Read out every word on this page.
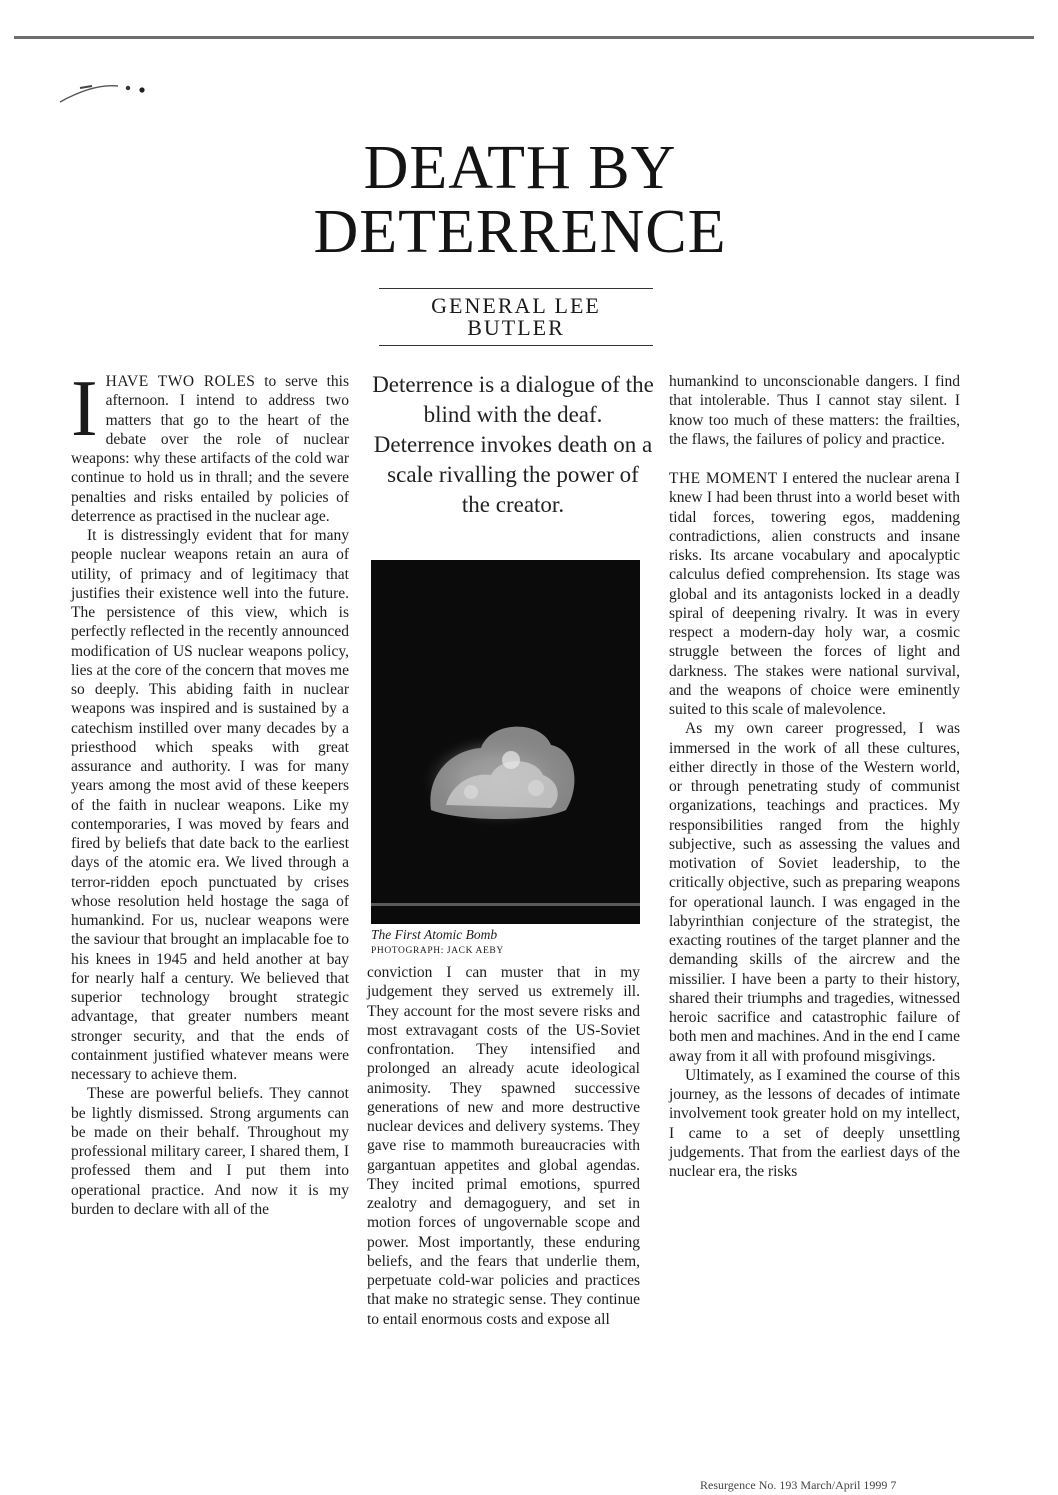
DEATH BY
DETERRENCE
GENERAL LEE
BUTLER

IHAVE TWO ROLES to serve this afternoon. I intend to address two matters that go to the heart of the debate over the role of nuclear weapons: why these artifacts of the cold war continue to hold us in thrall; and the severe penalties and risks entailed by policies of deterrence as practised in the nuclear age.

It is distressingly evident that for many people nuclear weapons retain an aura of utility, of primacy and of legitimacy that justifies their existence well into the future. The persistence of this view, which is perfectly reflected in the recently announced modification of US nuclear weapons policy, lies at the core of the concern that moves me so deeply. This abiding faith in nuclear weapons was inspired and is sustained by a catechism instilled over many decades by a priesthood which speaks with great assurance and authority. I was for many years among the most avid of these keepers of the faith in nuclear weapons. Like my contemporaries, I was moved by fears and fired by beliefs that date back to the earliest days of the atomic era. We lived through a terror-ridden epoch punctuated by crises whose resolution held hostage the saga of humankind. For us, nuclear weapons were the saviour that brought an implacable foe to his knees in 1945 and held another at bay for nearly half a century. We believed that superior technology brought strategic advantage, that greater numbers meant stronger security, and that the ends of containment justified whatever means were necessary to achieve them.

These are powerful beliefs. They cannot be lightly dismissed. Strong arguments can be made on their behalf. Throughout my professional military career, I shared them, I professed them and I put them into operational practice. And now it is my burden to declare with all of the

Deterrence is a dialogue of the blind with the deaf. Deterrence invokes death on a scale rivalling the power of the creator.
The First Atomic Bomb
PHOTOGRAPH: JACK AEBY

conviction I can muster that in my judgement they served us extremely ill. They account for the most severe risks and most extravagant costs of the US-Soviet confrontation. They intensified and prolonged an already acute ideological animosity. They spawned successive generations of new and more destructive nuclear devices and delivery systems. They gave rise to mammoth bureaucracies with gargantuan appetites and global agendas. They incited primal emotions, spurred zealotry and demagoguery, and set in motion forces of ungovernable scope and power. Most importantly, these enduring beliefs, and the fears that underlie them, perpetuate cold-war policies and practices that make no strategic sense. They continue to entail enormous costs and expose all

humankind to unconscionable dangers. I find that intolerable. Thus I cannot stay silent. I know too much of these matters: the frailties, the flaws, the failures of policy and practice.

THE MOMENT I entered the nuclear arena I knew I had been thrust into a world beset with tidal forces, towering egos, maddening contradictions, alien constructs and insane risks. Its arcane vocabulary and apocalyptic calculus defied comprehension. Its stage was global and its antagonists locked in a deadly spiral of deepening rivalry. It was in every respect a modern-day holy war, a cosmic struggle between the forces of light and darkness. The stakes were national survival, and the weapons of choice were eminently suited to this scale of malevolence.

As my own career progressed, I was immersed in the work of all these cultures, either directly in those of the Western world, or through penetrating study of communist organizations, teachings and practices. My responsibilities ranged from the highly subjective, such as assessing the values and motivation of Soviet leadership, to the critically objective, such as preparing weapons for operational launch. I was engaged in the labyrinthian conjecture of the strategist, the exacting routines of the target planner and the demanding skills of the aircrew and the missilier. I have been a party to their history, shared their triumphs and tragedies, witnessed heroic sacrifice and catastrophic failure of both men and machines. And in the end I came away from it all with profound misgivings.

Ultimately, as I examined the course of this journey, as the lessons of decades of intimate involvement took greater hold on my intellect, I came to a set of deeply unsettling judgements. That from the earliest days of the nuclear era, the risks

Resurgence No. 193 March/April 1999 7
